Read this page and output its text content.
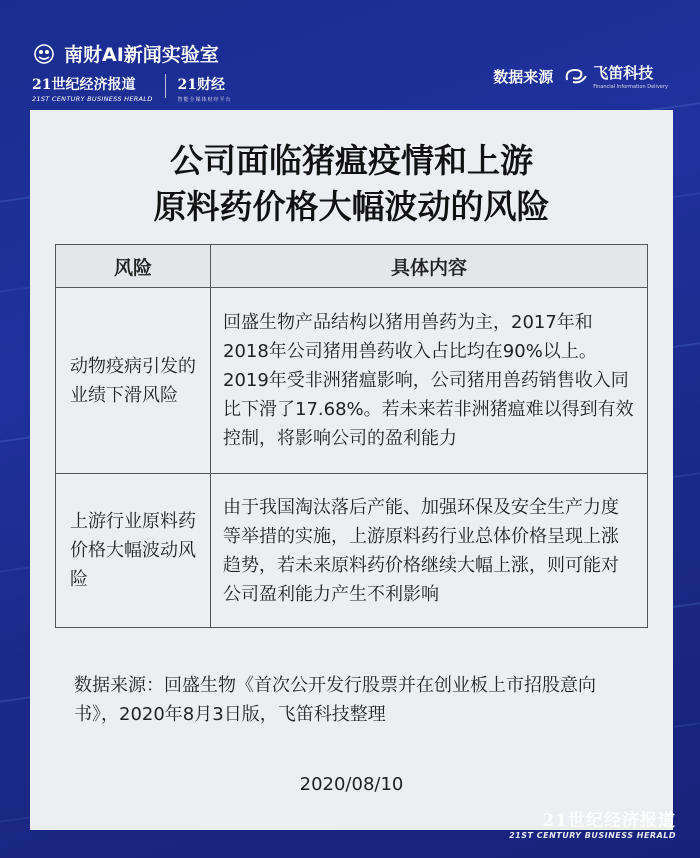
南财AI新闻实验室
21世纪经济报道
21ST CENTURY BUSINESS HERALD
21财经
智能全媒体财经平台
数据来源	飞笛科技
Financial Information Delivery
公司面临猪瘟疫情和上游
原料药价格大幅波动的风险
风险	具体内容
动物疫病引发的业绩下滑风险	回盛生物产品结构以猪用兽药为主，2017年和2018年公司猪用兽药收入占比均在90%以上。2019年受非洲猪瘟影响，公司猪用兽药销售收入同比下滑了17.68%。若未来若非洲猪瘟难以得到有效控制，将影响公司的盈利能力
上游行业原料药价格大幅波动风险	由于我国淘汰落后产能、加强环保及安全生产力度等举措的实施，上游原料药行业总体价格呈现上涨趋势，若未来原料药价格继续大幅上涨，则可能对公司盈利能力产生不利影响
数据来源：回盛生物《首次公开发行股票并在创业板上市招股意向书》，2020年8月3日版，飞笛科技整理
2020/08/10
21世纪经济报道
21ST CENTURY BUSINESS HERALD
